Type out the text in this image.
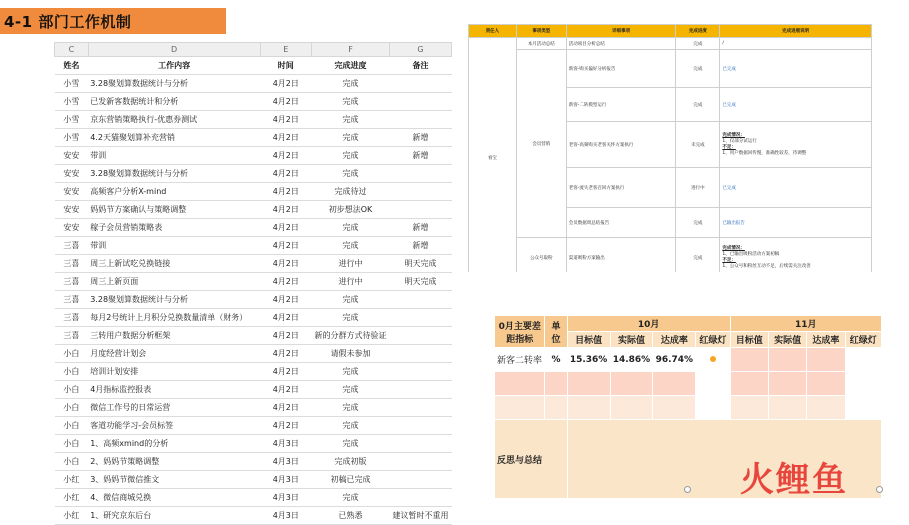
4-1 部门工作机制
C	D	E	F	G
姓名	工作内容	时间	完成进度	备注
小雪	3.28聚划算数据统计与分析	4月2日	完成	
小雪	已发新客数据统计和分析	4月2日	完成	
小雪	京东营销策略执行-优惠券测试	4月2日	完成	
小雪	4.2天猫聚划算补充营销	4月2日	完成	新增
安安	带训	4月2日	完成	新增
安安	3.28聚划算数据统计与分析	4月2日	完成	
安安	高频客户分析X-mind	4月2日	完成待过	
安安	妈妈节方案确认与策略调整	4月2日	初步想法OK	
安安	稼子会员营销策略表	4月2日	完成	新增
三喜	带训	4月2日	完成	新增
三喜	周三上新试吃兑换链接	4月2日	进行中	明天完成
三喜	周三上新页面	4月2日	进行中	明天完成
三喜	3.28聚划算数据统计与分析	4月2日	完成	
三喜	每月2号统计上月积分兑换数量清单（财务）	4月2日	完成	
三喜	三转用户数据分析框架	4月2日	新的分群方式待验证	
小白	月度经营计划会	4月2日	请假未参加	
小白	培训计划安排	4月2日	完成	
小白	4月指标监控报表	4月2日	完成	
小白	微信工作号的日常运营	4月2日	完成	
小白	客道功能学习-会员标签	4月2日	完成	
小白	1、高频xmind的分析	4月3日	完成	
小白	2、妈妈节策略调整	4月3日	完成初版	
小红	3、妈妈节微信推文	4月3日	初稿已完成	
小红	4、微信商城兑换	4月3日	完成	
小红	1、研究京东后台	4月3日	已熟悉	建议暂时不重用
责任人	事项类型	详细事项	完成进度	完成进展说明
看宝	本月活动总结	活动项目分析总结	完成	/
	会员营销	新客-购买偏好分析报告	完成	已完成
		新客-二转模型运行	完成	已完成
		老客-高频购买老客关怀方案执行	未完成	完成情况：
1、仅部分试运行
不足：
1、用户数据回传慢，准确性较差，待调整

		老客-流失老客召回方案执行	进行中	已完成
		会员数据周总结报告	完成	已输出报告
	公众号取粉	渠道吸粉方案输出	完成	完成情况：
1、已输出吸粉活动方案初稿
不足：
1、公众号和粉丝互动不足，后续需关注改善
0月主要差距指标	单位	10月				11月			
		目标值	实际值	达成率	红绿灯	目标值	实际值	达成率	红绿灯
新客二转率	%	15.36%	14.86%	96.74%					

反思与总结										火鲤鱼
